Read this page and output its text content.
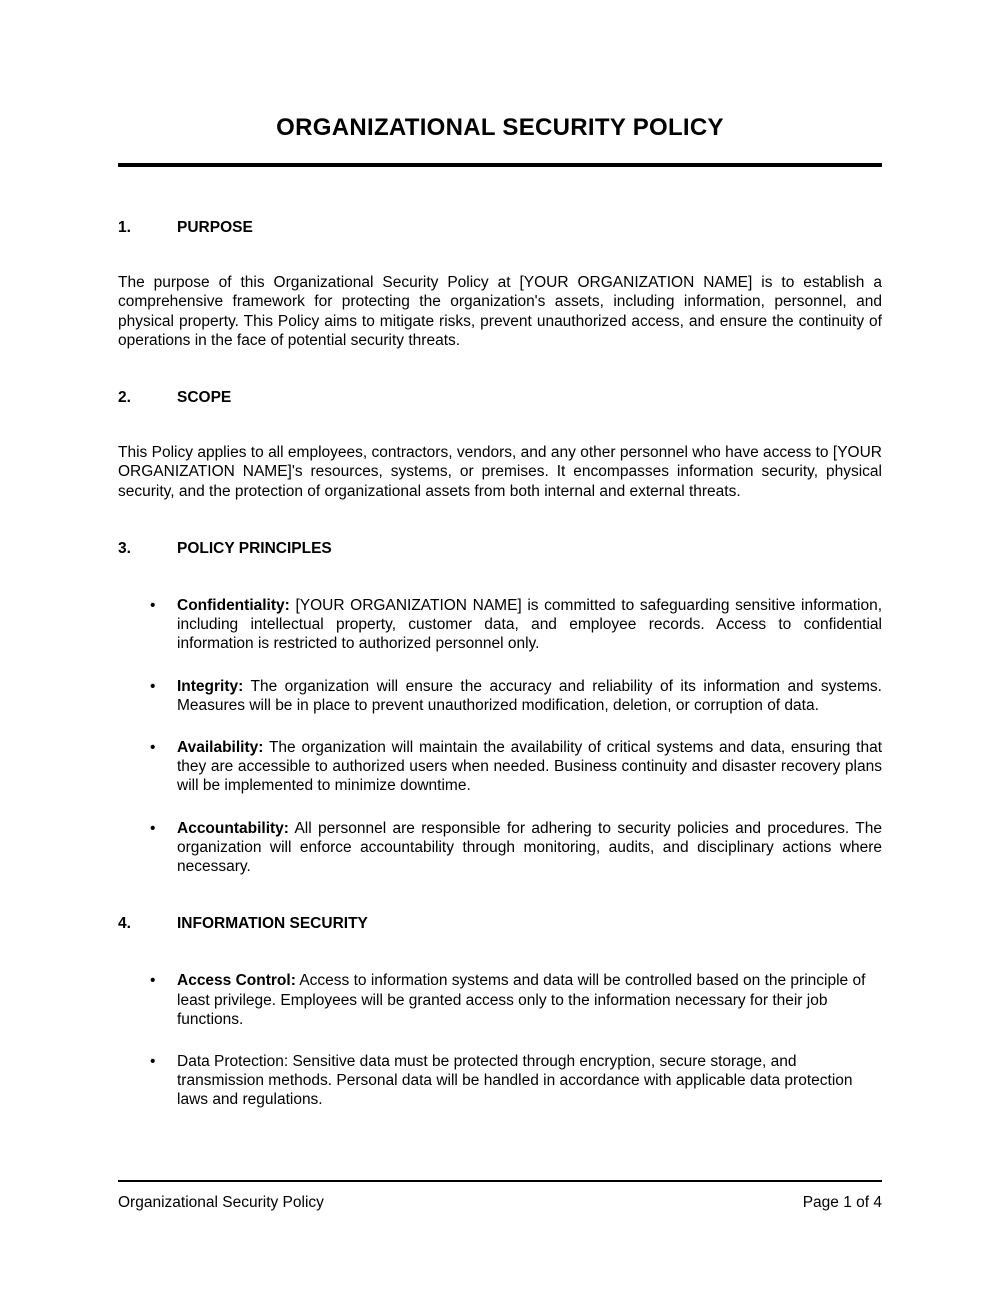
ORGANIZATIONAL SECURITY POLICY
1.	PURPOSE

The purpose of this Organizational Security Policy at [YOUR ORGANIZATION NAME] is to establish a comprehensive framework for protecting the organization's assets, including information, personnel, and physical property. This Policy aims to mitigate risks, prevent unauthorized access, and ensure the continuity of operations in the face of potential security threats.

2.	SCOPE

This Policy applies to all employees, contractors, vendors, and any other personnel who have access to [YOUR ORGANIZATION NAME]'s resources, systems, or premises. It encompasses information security, physical security, and the protection of organizational assets from both internal and external threats.

3.	POLICY PRINCIPLES
•	Confidentiality: [YOUR ORGANIZATION NAME] is committed to safeguarding sensitive information, including intellectual property, customer data, and employee records. Access to confidential information is restricted to authorized personnel only.
•	Integrity: The organization will ensure the accuracy and reliability of its information and systems. Measures will be in place to prevent unauthorized modification, deletion, or corruption of data.
•	Availability: The organization will maintain the availability of critical systems and data, ensuring that they are accessible to authorized users when needed. Business continuity and disaster recovery plans will be implemented to minimize downtime.
•	Accountability: All personnel are responsible for adhering to security policies and procedures. The organization will enforce accountability through monitoring, audits, and disciplinary actions where necessary.
4.	INFORMATION SECURITY
•	Access Control: Access to information systems and data will be controlled based on the principle of least privilege. Employees will be granted access only to the information necessary for their job functions.
•	Data Protection: Sensitive data must be protected through encryption, secure storage, and transmission methods. Personal data will be handled in accordance with applicable data protection laws and regulations.
Organizational Security Policy	Page 1 of 4
